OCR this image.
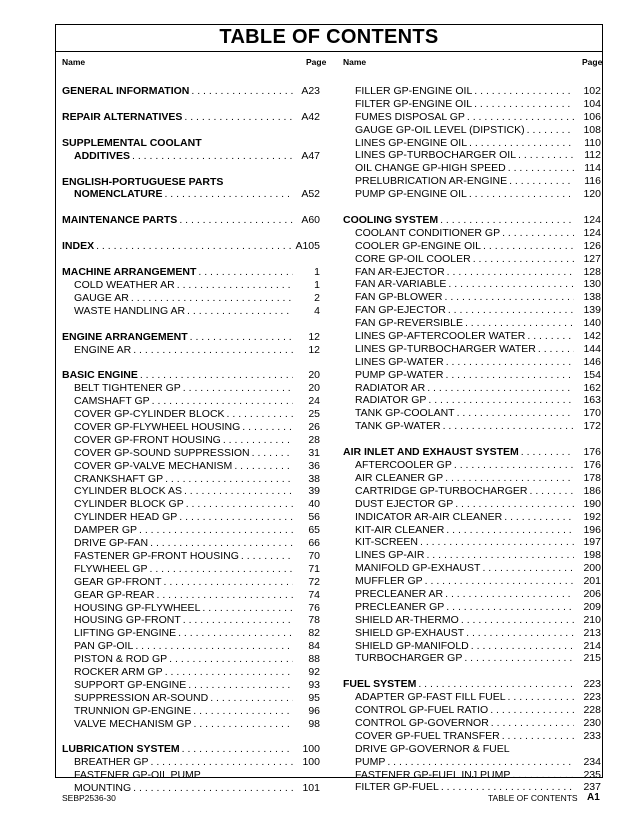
TABLE OF CONTENTS
Name	Page Name	Page
GENERAL INFORMATION . . .	A23
REPAIR ALTERNATIVES . . .	A42
SUPPLEMENTAL COOLANT
ADDITIVES . . .	A47
ENGLISH-PORTUGUESE PARTS
NOMENCLATURE . . .	A52
MAINTENANCE PARTS . . .	A60
INDEX . . .	A105
MACHINE ARRANGEMENT . . .	1
COLD WEATHER AR . . .	1
GAUGE AR . . .	2
WASTE HANDLING AR . . .	4
ENGINE ARRANGEMENT . . .	12
ENGINE AR . . .	12
BASIC ENGINE . . .	20
BELT TIGHTENER GP . . .	20
CAMSHAFT GP . . .	24
COVER GP-CYLINDER BLOCK . . .	25
COVER GP-FLYWHEEL HOUSING . . .	26
COVER GP-FRONT HOUSING . . .	28
COVER GP-SOUND SUPPRESSION . . .	31
COVER GP-VALVE MECHANISM . . .	36
CRANKSHAFT GP . . .	38
CYLINDER BLOCK AS . . .	39
CYLINDER BLOCK GP . . .	40
CYLINDER HEAD GP . . .	56
DAMPER GP . . .	65
DRIVE GP-FAN . . .	66
FASTENER GP-FRONT HOUSING . . .	70
FLYWHEEL GP . . .	71
GEAR GP-FRONT . . .	72
GEAR GP-REAR . . .	74
HOUSING GP-FLYWHEEL . . .	76
HOUSING GP-FRONT . . .	78
LIFTING GP-ENGINE . . .	82
PAN GP-OIL . . .	84
PISTON & ROD GP . . .	88
ROCKER ARM GP . . .	92
SUPPORT GP-ENGINE . . .	93
SUPPRESSION AR-SOUND . . .	95
TRUNNION GP-ENGINE . . .	96
VALVE MECHANISM GP . . .	98
LUBRICATION SYSTEM . . .	100
BREATHER GP . . .	100
FASTENER GP-OIL PUMP
MOUNTING . . .	101
FILLER GP-ENGINE OIL . . .	102
FILTER GP-ENGINE OIL . . .	104
FUMES DISPOSAL GP . . .	106
GAUGE GP-OIL LEVEL (DIPSTICK) . . .	108
LINES GP-ENGINE OIL . . .	110
LINES GP-TURBOCHARGER OIL . . .	112
OIL CHANGE GP-HIGH SPEED . . .	114
PRELUBRICATION AR-ENGINE . . .	116
PUMP GP-ENGINE OIL . . .	120
COOLING SYSTEM . . .	124
COOLANT CONDITIONER GP . . .	124
COOLER GP-ENGINE OIL . . .	126
CORE GP-OIL COOLER . . .	127
FAN AR-EJECTOR . . .	128
FAN AR-VARIABLE . . .	130
FAN GP-BLOWER . . .	138
FAN GP-EJECTOR . . .	139
FAN GP-REVERSIBLE . . .	140
LINES GP-AFTERCOOLER WATER . . .	142
LINES GP-TURBOCHARGER WATER . . .	144
LINES GP-WATER . . .	146
PUMP GP-WATER . . .	154
RADIATOR AR . . .	162
RADIATOR GP . . .	163
TANK GP-COOLANT . . .	170
TANK GP-WATER . . .	172
AIR INLET AND EXHAUST SYSTEM . . .	176
AFTERCOOLER GP . . .	176
AIR CLEANER GP . . .	178
CARTRIDGE GP-TURBOCHARGER . . .	186
DUST EJECTOR GP . . .	190
INDICATOR AR-AIR CLEANER . . .	192
KIT-AIR CLEANER . . .	196
KIT-SCREEN . . .	197
LINES GP-AIR . . .	198
MANIFOLD GP-EXHAUST . . .	200
MUFFLER GP . . .	201
PRECLEANER AR . . .	206
PRECLEANER GP . . .	209
SHIELD AR-THERMO . . .	210
SHIELD GP-EXHAUST . . .	213
SHIELD GP-MANIFOLD . . .	214
TURBOCHARGER GP . . .	215
FUEL SYSTEM . . .	223
ADAPTER GP-FAST FILL FUEL . . .	223
CONTROL GP-FUEL RATIO . . .	228
CONTROL GP-GOVERNOR . . .	230
COVER GP-FUEL TRANSFER . . .	233
DRIVE GP-GOVERNOR & FUEL
PUMP . . .	234
FASTENER GP-FUEL INJ PUMP . . .	235
FILTER GP-FUEL . . .	237
SEBP2536-30	TABLE OF CONTENTS A1
